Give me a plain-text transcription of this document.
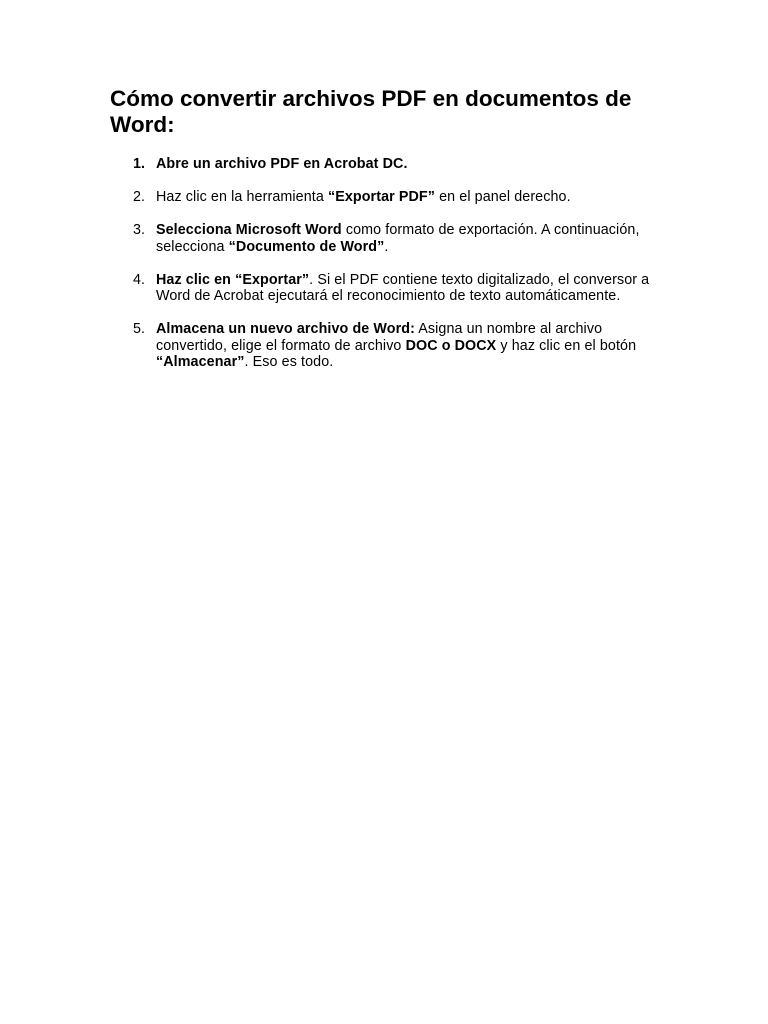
Cómo convertir archivos PDF en documentos de Word:
1. Abre un archivo PDF en Acrobat DC.
2. Haz clic en la herramienta “Exportar PDF” en el panel derecho.
3. Selecciona Microsoft Word como formato de exportación. A continuación, selecciona “Documento de Word”.
4. Haz clic en “Exportar”. Si el PDF contiene texto digitalizado, el conversor a Word de Acrobat ejecutará el reconocimiento de texto automáticamente.
5. Almacena un nuevo archivo de Word: Asigna un nombre al archivo convertido, elige el formato de archivo DOC o DOCX y haz clic en el botón “Almacenar”. Eso es todo.
